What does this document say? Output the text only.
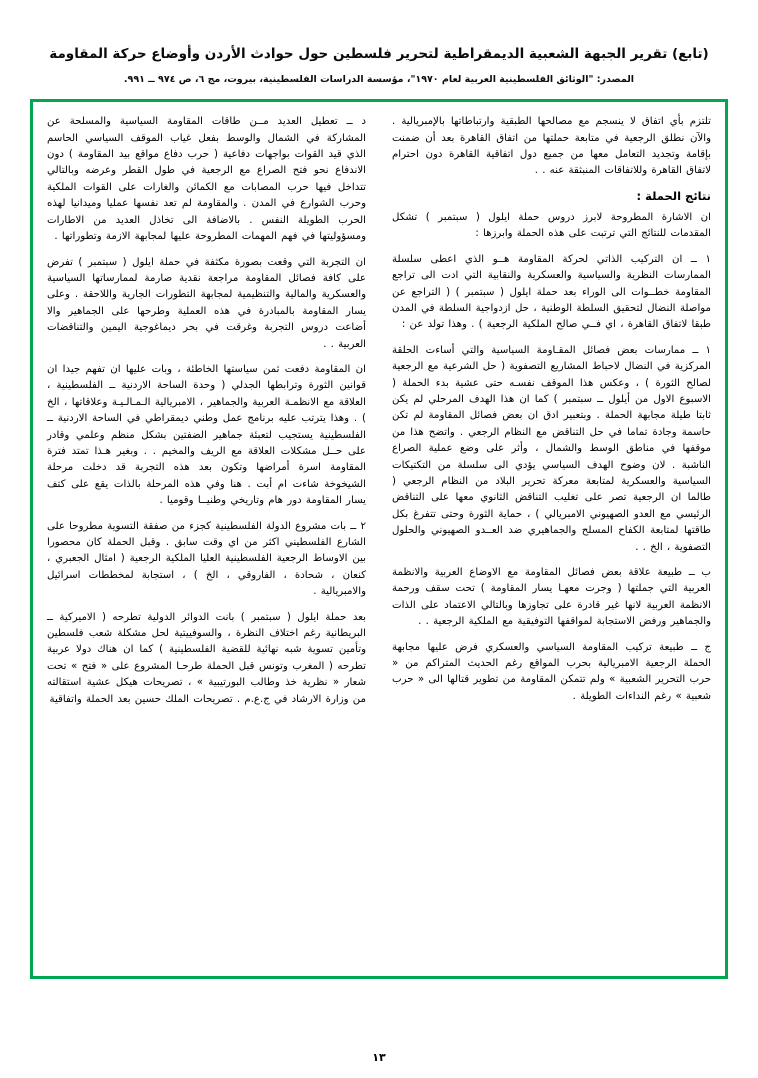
(تابع) تقرير الجبهة الشعبية الديمقراطية لتحرير فلسطين حول حوادث الأردن وأوضاع حركة المقاومة
المصدر: "الوثائق الفلسطينية العربية لعام ١٩٧٠"، مؤسسة الدراسات الفلسطينية، بيروت، مج ٦، ص ٩٧٤ ــ ٩٩١.

تلتزم بأي اتفاق لا ينسجم مع مصالحها الطبقية وارتباطاتها بالإمبريالية . والآن نطلق الرجعية في متابعة حملتها من اتفاق القاهرة بعد أن ضمنت بإقامة وتجديد التعامل معها من جميع دول اتفاقية القاهرة دون احترام لاتفاق القاهرة وللاتفاقات المنبثقة عنه . .

نتائج الحملة :

ان الاشارة المطروحة لابرز دروس حملة ايلول ( سبتمبر ) تشكل المقدمات للنتائج التي ترتبت على هذه الحملة وابرزها :

١ ــ ان التركيب الذاتي لحركة المقاومة هــو الذي اعطى سلسلة الممارسات النظرية والسياسية والعسكرية والنقابية التي ادت الى تراجع المقاومة خطــوات الى الوراء بعد حملة ايلول ( سبتمبر ) ( التراجع عن مواصلة النضال لتحقيق السلطة الوطنية ، حل ازدواجية السلطة في المدن طبقا لاتفاق القاهرة ، اي فــي صالح الملكية الرجعية ) . وهذا تولد عن :

١ ــ ممارسات بعض فصائل المقـاومة السياسية والتي أساءت الحلقة المركزية في النضال لاحباط المشاريع التصفوية ( حل الشرعية مع الرجعية لصالح الثورة ) ، وعكس هذا الموقف نفسـه حتى عشية بدء الحملة ( الاسبوع الاول من أيلول ــ سبتمبر ) كما ان هذا الهدف المرحلي لم يكن ثابتا طيلة مجابهة الحملة . وبتعبير ادق ان بعض فصائل المقاومة لم تكن حاسمة وجادة تماما في حل التناقض مع النظام الرجعي . واتضح هذا من موقفها في مناطق الوسط والشمال ، وأثر على وضع عملية الصراع الناشبة . لان وضوح الهدف السياسي يؤدي الى سلسلة من التكتيكات السياسية والعسكرية لمتابعة معركة تحرير البلاد من النظام الرجعي ( طالما ان الرجعية تصر على تغليب التناقض الثانوي معها على التناقض الرئيسي مع العدو الصهيوني الامبريالي ) ، حماية الثورة وحتى تتفرغ بكل طاقتها لمتابعة الكفاح المسلح والجماهيري ضد العــدو الصهيوني والحلول التصفوية ، الخ . .

ب ــ طبيعة علاقة بعض فصائل المقاومة مع الاوضاع العربية والانظمة العربية التي جملتها ( وجرت معهـا يسار المقاومة ) تحت سقف ورحمة الانظمة العربية لانها غير قادرة على تجاوزها وبالتالي الاعتماد على الذات والجماهير ورفض الاستجابة لمواقفها التوفيقية مع الملكية الرجعية . .

ج ــ طبيعة تركيب المقاومة السياسي والعسكري فرض عليها مجابهة الحملة الرجعية الامبريالية بحرب المواقع رغم الحديث المتراكم من « حرب التحرير الشعبية » ولم تتمكن المقاومة من تطوير قتالها الى « حرب شعبية » رغم النداءات الطويلة .

د ــ تعطيل العديد مــن طاقات المقاومة السياسية والمسلحة عن المشاركة في الشمال والوسط بفعل غياب الموقف السياسي الحاسم الذي قيد القوات بواجهات دفاعية ( حرب دفاع مواقع بيد المقاومة ) دون الاندفاع نحو فتح الصراع مع الرجعية في طول القطر وعرضه وبالتالي تتداخل فيها حرب المصابات مع الكمائن والغارات على القوات الملكية وحرب الشوارع في المدن . والمقاومة لم تعد نفسها عمليا وميدانيا لهذه الحرب الطويلة النفس . بالاضافة الى تخاذل العديد من الاطارات ومسؤوليتها في فهم المهمات المطروحة عليها لمجابهة الازمة وتطوراتها .

ان التجربة التي وقعت بصورة مكثفة في حملة ايلول ( سبتمبر ) تفرض على كافة فصائل المقاومة مراجعة نقدية صارمة لممارساتها السياسية والعسكرية والمالية والتنظيمية لمجابهة التطورات الجارية واللاحقة . وعلى يسار المقاومة بالمبادرة في هذه العملية وطرحها على الجماهير والا أضاعت دروس التجربة وغرقت في بحر ديماغوجية اليمين والتناقضات العربية . .

ان المقاومة دفعت ثمن سياستها الخاطئة ، وبات عليها ان تفهم جيدا ان قوانين الثورة وترابطها الجدلي ( وحدة الساحة الاردنية ــ الفلسطينية ، العلاقة مع الانظمـة العربية والجماهير ، الامبريالية الـمـالـيـة وعلاقاتها ، الخ ) . وهذا يترتب عليه برنامج عمل وطني ديمقراطي في الساحة الاردنية ــ الفلسطينية يستجيب لتعبئة جماهير الضفتين بشكل منظم وعلمي وقادر على حــل مشكلات العلاقة مع الريف والمخيم . . وبغير هـذا تمتد فترة المقاومة اسرة أمراضها وتكون بعد هذه التجربة قد دخلت مرحلة الشيخوخة شاءت ام أبت . هنا وفي هذه المرحلة بالذات يقع على كتف يسار المقاومة دور هام وتاريخي وطنيــا وقوميا .

٢ ــ بات مشروع الدولة الفلسطينية كجزء من صفقة التسوية مطروحا على الشارع الفلسطيني اكثر من اي وقت سابق . وقبل الحملة كان محصورا بين الاوساط الرجعية الفلسطينية العليا الملكية الرجعية ( امثال الجعبري ، كنعان ، شحادة ، الفاروقي ، الخ ) ، استجابة لمخططات اسرائيل والامبريالية .

بعد حملة ايلول ( سبتمبر ) بانت الدوائر الدولية تطرحه ( الاميركية ــ البريطانية رغم اختلاف النظرة ، والسوفييتية لحل مشكلة شعب فلسطين وتأمين تسوية شبه نهائية للقضية الفلسطينية ) كما ان هناك دولا عربية تطرحه ( المغرب وتونس قبل الحملة طرحـا المشروع على « فتح » تحت شعار « نظرية خذ وطالب البورتيبية » ، تصريحات هيكل عشية استقالته من وزارة الارشاد في ج.ع.م . تصريحات الملك حسين بعد الحملة واتفاقية

١٣
